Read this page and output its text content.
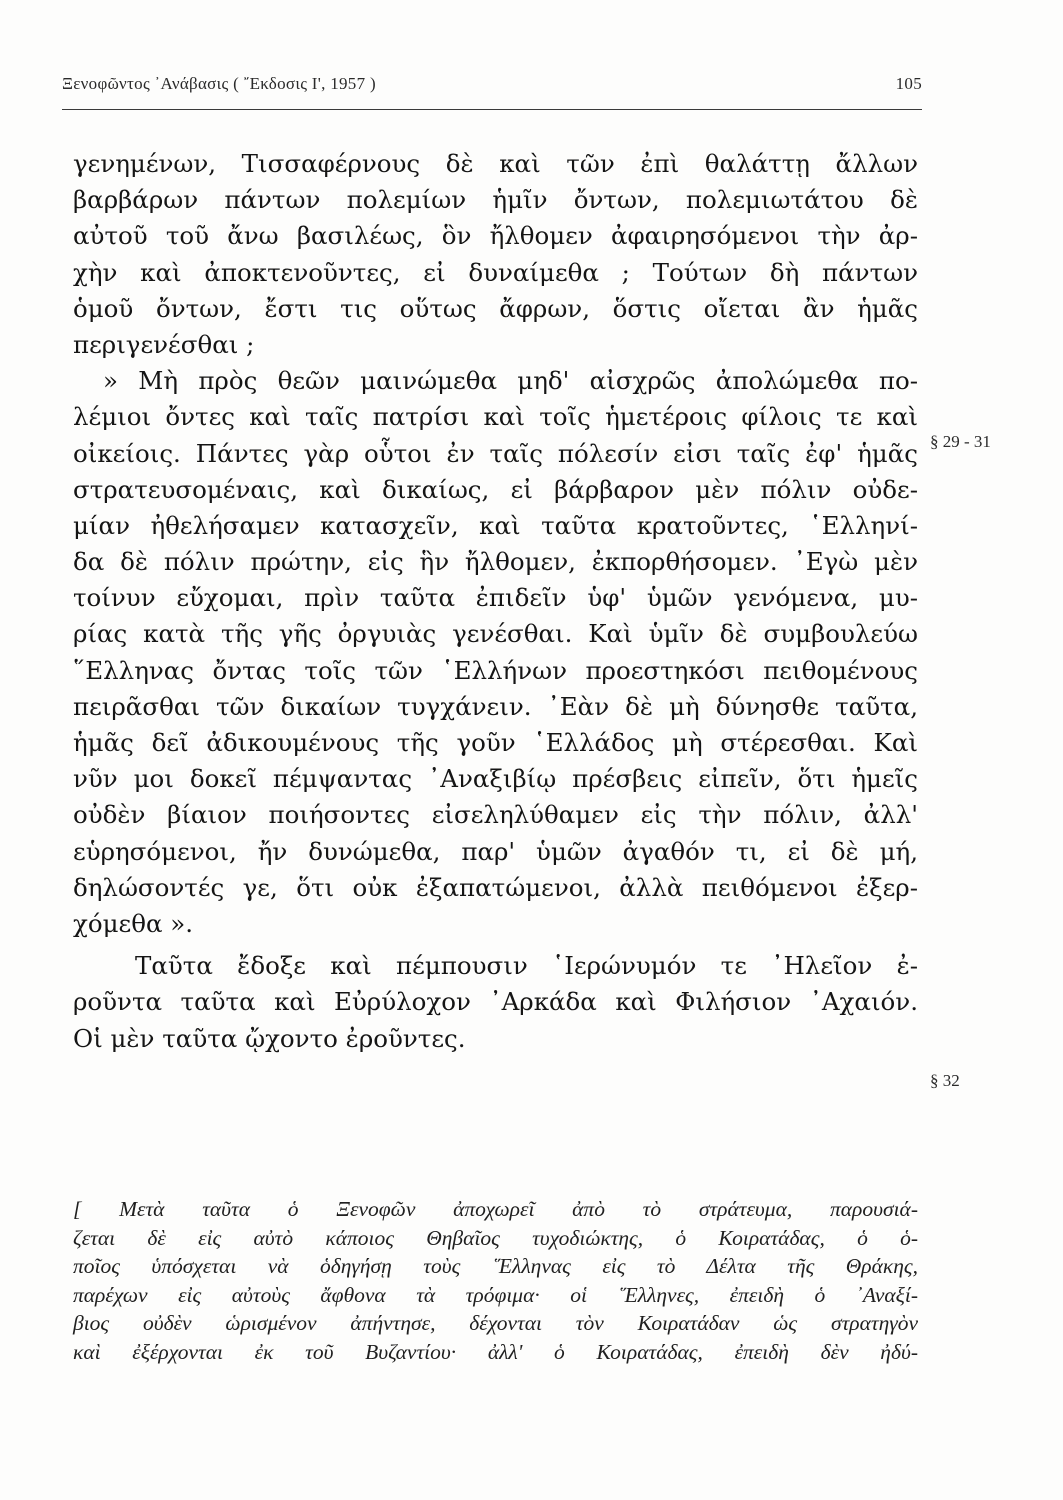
Ξενοφῶντος ᾿Ανάβασις ( ῎Εκδοσις Ι', 1957 )	105
γενημένων, Τισσαφέρνους δὲ καὶ τῶν ἐπὶ θαλάττῃ ἄλλων
βαρβάρων πάντων πολεμίων ἡμῖν ὄντων, πολεμιωτάτου δὲ
αὐτοῦ τοῦ ἄνω βασιλέως, ὃν ἤλθομεν ἀφαιρησόμενοι τὴν ἀρ-
χὴν καὶ ἀποκτενοῦντες, εἰ δυναίμεθα ; Τούτων δὴ πάντων
ὁμοῦ ὄντων, ἔστι τις οὕτως ἄφρων, ὅστις οἴεται ἂν ἡμᾶς
περιγενέσθαι ;
» Μὴ πρὸς θεῶν μαινώμεθα μηδ' αἰσχρῶς ἀπολώμεθα πο-
λέμιοι ὄντες καὶ ταῖς πατρίσι καὶ τοῖς ἡμετέροις φίλοις τε καὶ
οἰκείοις. Πάντες γὰρ οὗτοι ἐν ταῖς πόλεσίν εἰσι ταῖς ἐφ' ἡμᾶς
στρατευσομέναις, καὶ δικαίως, εἰ βάρβαρον μὲν πόλιν οὐδε-
μίαν ἠθελήσαμεν κατασχεῖν, καὶ ταῦτα κρατοῦντες, ῾Ελληνί-
δα δὲ πόλιν πρώτην, εἰς ἣν ἤλθομεν, ἐκπορθήσομεν. ᾿Εγὼ μὲν
τοίνυν εὔχομαι, πρὶν ταῦτα ἐπιδεῖν ὑφ' ὑμῶν γενόμενα, μυ-
ρίας κατὰ τῆς γῆς ὀργυιὰς γενέσθαι. Καὶ ὑμῖν δὲ συμβουλεύω
῞Ελληνας ὄντας τοῖς τῶν ῾Ελλήνων προεστηκόσι πειθομένους
πειρᾶσθαι τῶν δικαίων τυγχάνειν. ᾿Εὰν δὲ μὴ δύνησθε ταῦτα,
ἡμᾶς δεῖ ἀδικουμένους τῆς γοῦν ῾Ελλάδος μὴ στέρεσθαι. Καὶ
νῦν μοι δοκεῖ πέμψαντας ᾿Αναξιβίῳ πρέσβεις εἰπεῖν, ὅτι ἡμεῖς
οὐδὲν βίαιον ποιήσοντες εἰσεληλύθαμεν εἰς τὴν πόλιν, ἀλλ'
εὑρησόμενοι, ἤν δυνώμεθα, παρ' ὑμῶν ἀγαθόν τι, εἰ δὲ μή,
δηλώσοντές γε, ὅτι οὐκ ἐξαπατώμενοι, ἀλλὰ πειθόμενοι ἐξερ-
χόμεθα ».
Ταῦτα ἔδοξε καὶ πέμπουσιν ῾Ιερώνυμόν τε ᾿Ηλεῖον ἐ-
ροῦντα ταῦτα καὶ Εὐρύλοχον ᾿Αρκάδα καὶ Φιλήσιον ᾿Αχαιόν.
Οἱ μὲν ταῦτα ᾤχοντο ἐροῦντες.
§ 29 - 31
§ 32
[ Μετὰ ταῦτα ὁ Ξενοφῶν ἀποχωρεῖ ἀπὸ τὸ στράτευμα, παρουσιά-
ζεται δὲ εἰς αὐτὸ κάποιος Θηβαῖος τυχοδιώκτης, ὁ Κοιρατάδας, ὁ ὁ-
ποῖος ὑπόσχεται νὰ ὁδηγήσῃ τοὺς ῞Ελληνας εἰς τὸ Δέλτα τῆς Θράκης,
παρέχων εἰς αὐτοὺς ἄφθονα τὰ τρόφιμα· οἱ ῞Ελληνες, ἐπειδὴ ὁ ᾿Αναξί-
βιος οὐδὲν ὡρισμένον ἀπήντησε, δέχονται τὸν Κοιρατάδαν ὡς στρατηγὸν
καὶ ἐξέρχονται ἐκ τοῦ Βυζαντίου· ἀλλ' ὁ Κοιρατάδας, ἐπειδὴ δὲν ἠδύ-
